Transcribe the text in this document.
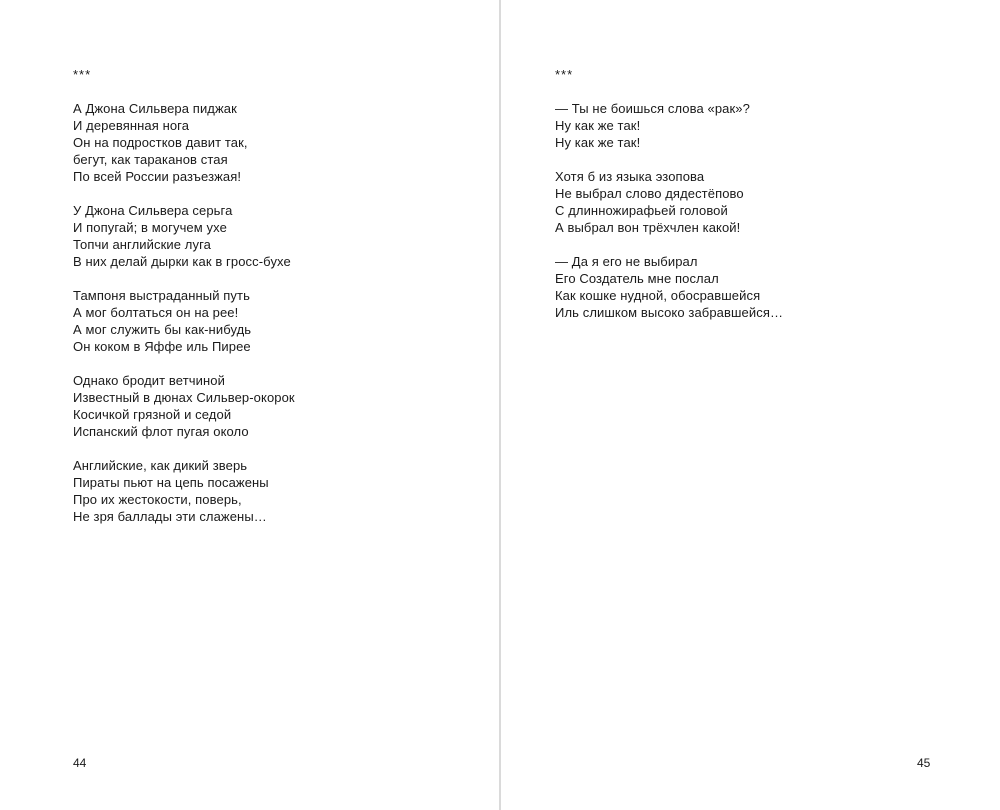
***
А Джона Сильвера пиджак
И деревянная нога
Он на подростков давит так,
бегут, как тараканов стая
По всей России разъезжая!
У Джона Сильвера серьга
И попугай; в могучем ухе
Топчи английские луга
В них делай дырки как в гросс-бухе
Тампоня выстраданный путь
А мог болтаться он на рее!
А мог служить бы как-нибудь
Он коком в Яффе иль Пирее
Однако бродит ветчиной
Известный в дюнах Сильвер-окорок
Косичкой грязной и седой
Испанский флот пугая около
Английские, как дикий зверь
Пираты пьют на цепь посажены
Про их жестокости, поверь,
Не зря баллады эти слажены…
44
***
— Ты не боишься слова «рак»?
Ну как же так!
Ну как же так!
Хотя б из языка эзопова
Не выбрал слово дядестёпово
С длинножирафьей головой
А выбрал вон трёхчлен какой!
— Да я его не выбирал
Его Создатель мне послал
Как кошке нудной, обосравшейся
Иль слишком высоко забравшейся…
45
